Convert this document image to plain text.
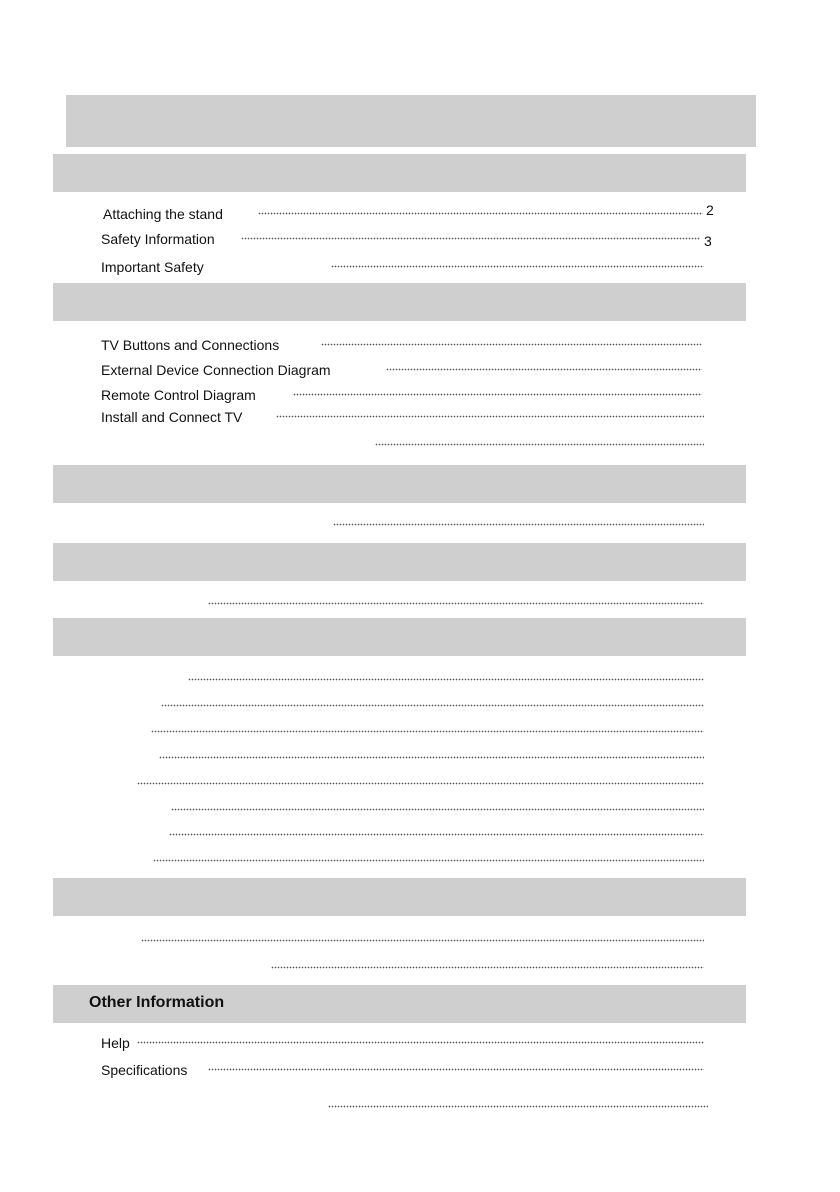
Attaching the stand	2
Safety Information	3
Important Safety
TV Buttons and Connections
External Device Connection Diagram
Remote Control Diagram
Install and Connect TV
Other Information
Help
Specifications
